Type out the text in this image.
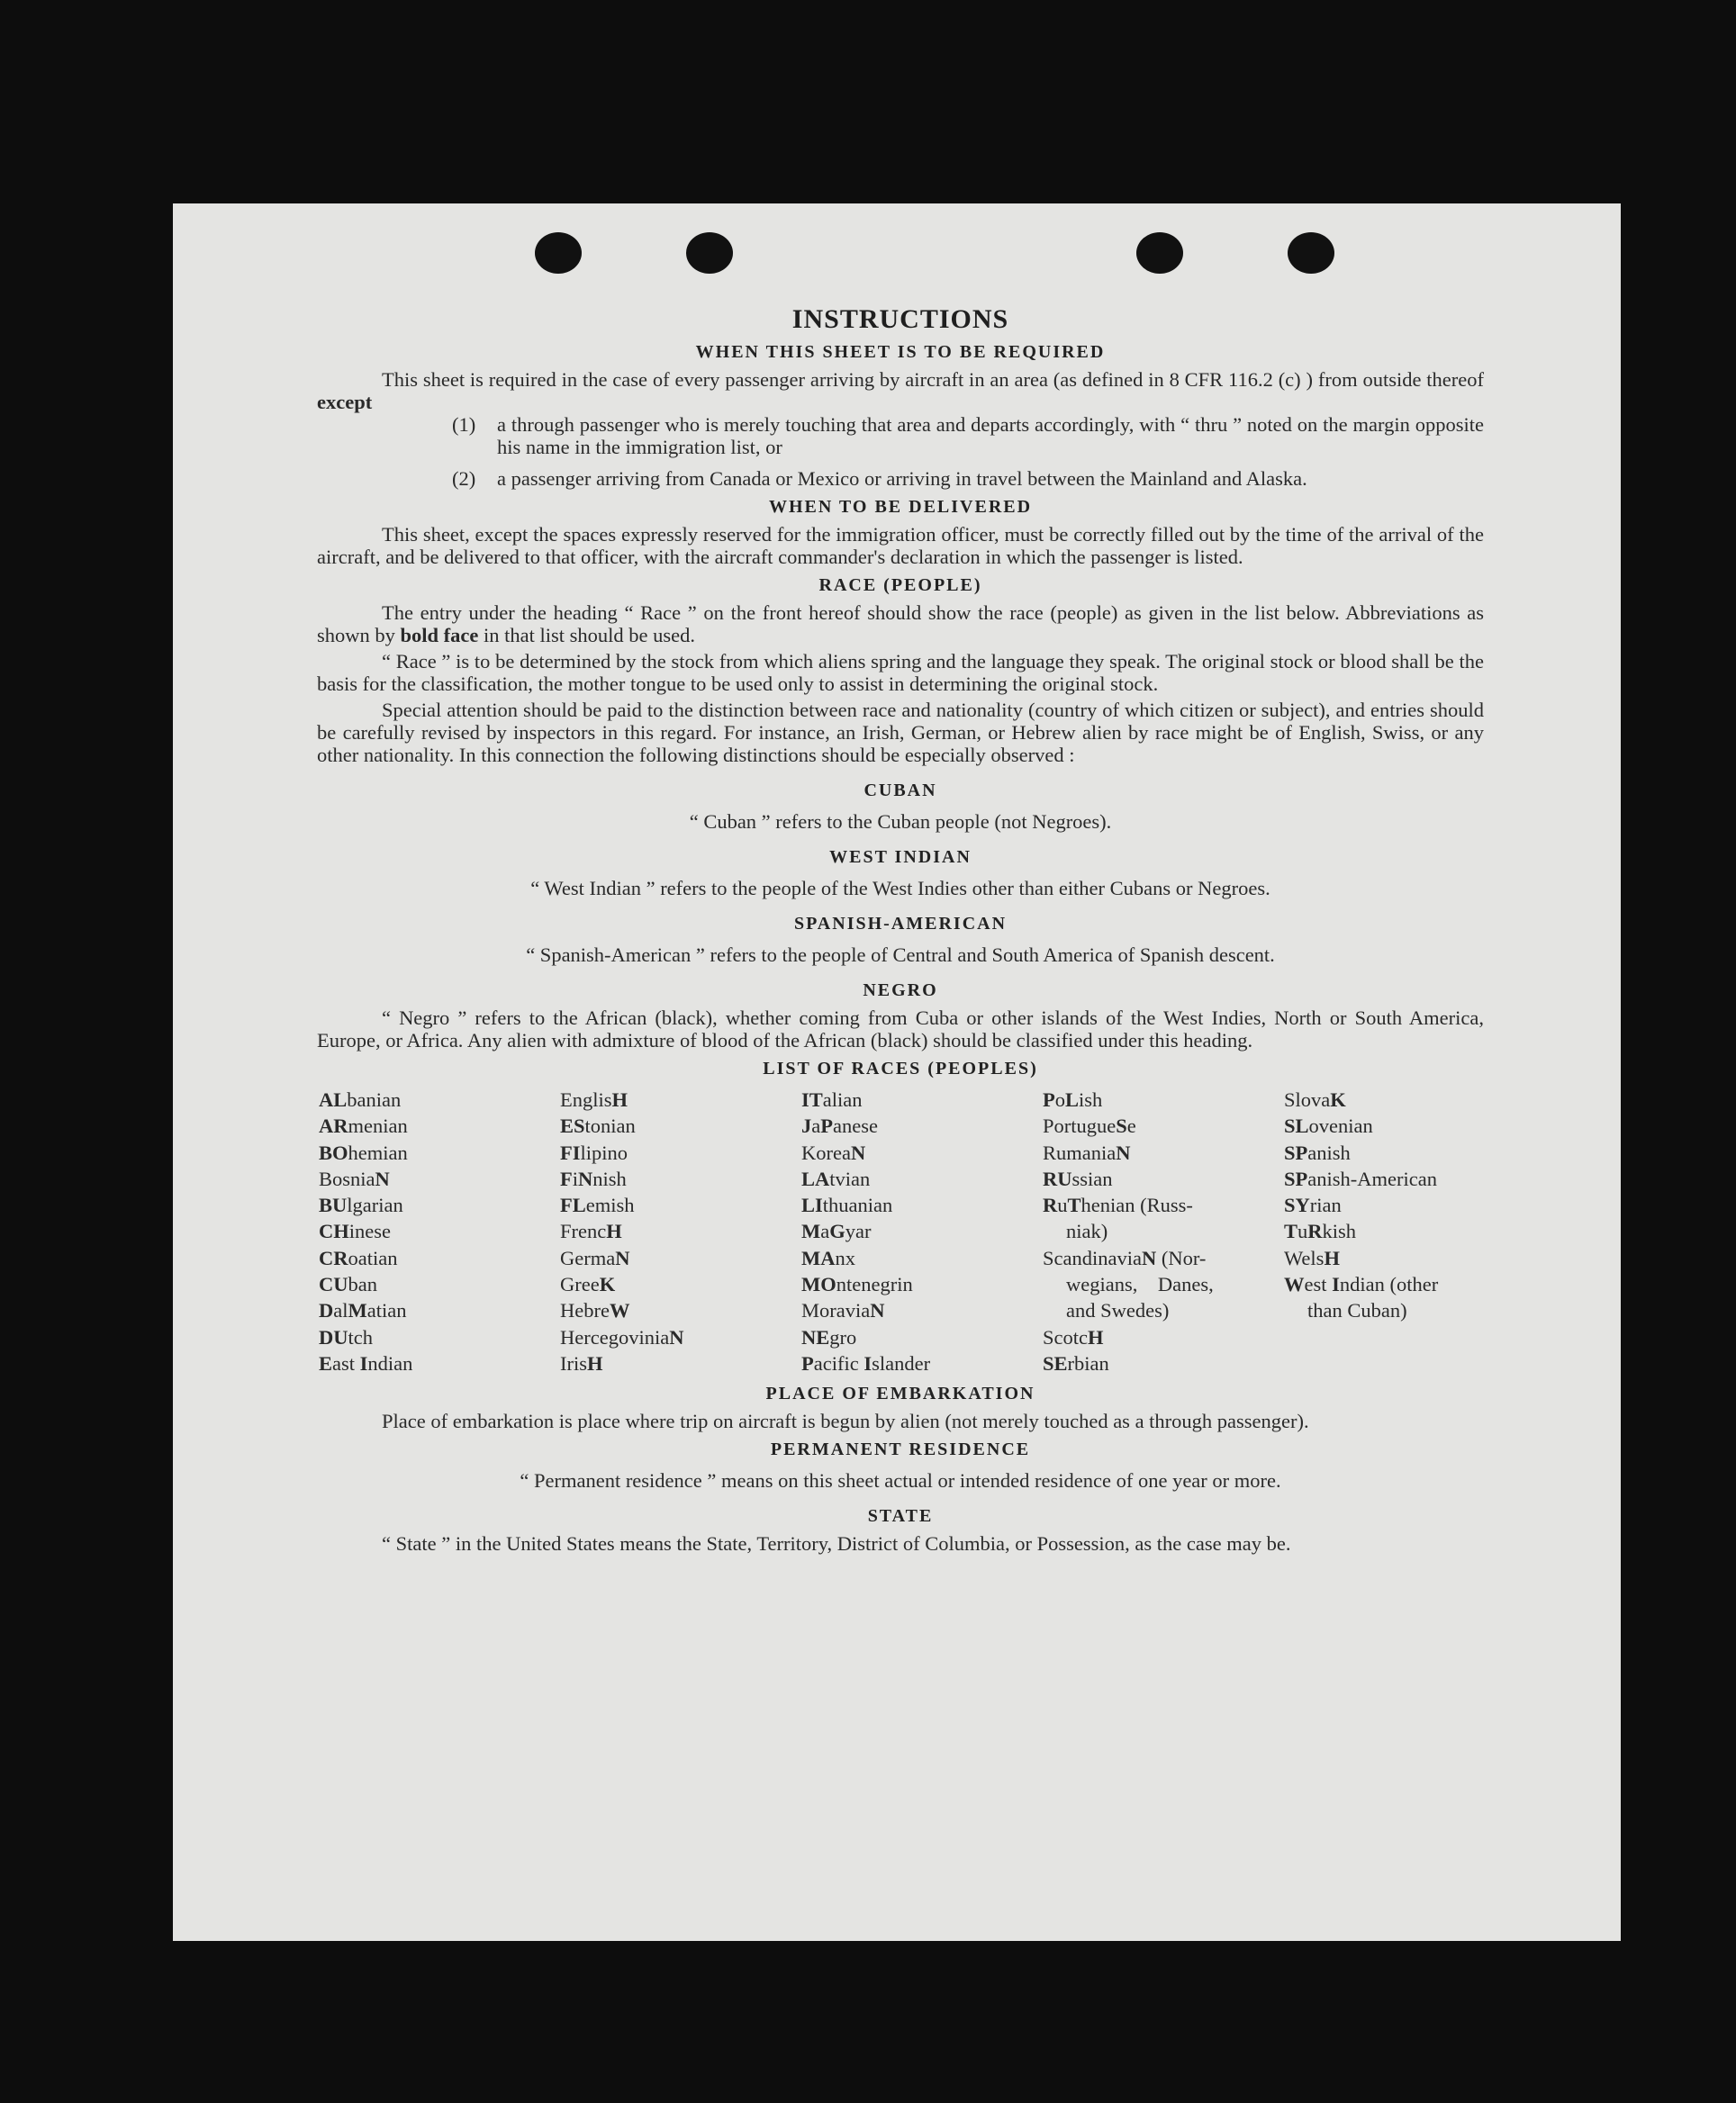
INSTRUCTIONS
WHEN THIS SHEET IS TO BE REQUIRED

This sheet is required in the case of every passenger arriving by aircraft in an area (as defined in 8 CFR 116.2 (c) ) from outside thereof except

(1)	a through passenger who is merely touching that area and departs accordingly, with “ thru ” noted on the margin opposite his name in the immigration list, or
(2)	a passenger arriving from Canada or Mexico or arriving in travel between the Mainland and Alaska.
WHEN TO BE DELIVERED

This sheet, except the spaces expressly reserved for the immigration officer, must be correctly filled out by the time of the arrival of the aircraft, and be delivered to that officer, with the aircraft commander's declaration in which the passenger is listed.

RACE (PEOPLE)

The entry under the heading “ Race ” on the front hereof should show the race (people) as given in the list below. Abbreviations as shown by bold face in that list should be used.

“ Race ” is to be determined by the stock from which aliens spring and the language they speak. The original stock or blood shall be the basis for the classification, the mother tongue to be used only to assist in determining the original stock.

Special attention should be paid to the distinction between race and nationality (country of which citizen or subject), and entries should be carefully revised by inspectors in this regard. For instance, an Irish, German, or Hebrew alien by race might be of English, Swiss, or any other nationality. In this connection the following distinctions should be especially observed :

CUBAN

“ Cuban ” refers to the Cuban people (not Negroes).

WEST INDIAN

“ West Indian ” refers to the people of the West Indies other than either Cubans or Negroes.

SPANISH-AMERICAN

“ Spanish-American ” refers to the people of Central and South America of Spanish descent.

NEGRO

“ Negro ” refers to the African (black), whether coming from Cuba or other islands of the West Indies, North or South America, Europe, or Africa. Any alien with admixture of blood of the African (black) should be classified under this heading.

LIST OF RACES (PEOPLES)
ALbanian
ARmenian
BOhemian
BosniaN
BUlgarian
CHinese
CRoatian
CUban
DalMatian
DUtch
East Indian
EnglisH
EStonian
FIlipino
FiNnish
FLemish
FrencH
GermaN
GreeK
HebreW
HercegoviniaN
IrisH
ITalian
JaPanese
KoreaN
LAtvian
LIthuanian
MaGyar
MAnx
MOntenegrin
MoraviaN
NEgro
Pacific Islander
PoLish
PortugueSe
RumaniaN
RUssian
RuThenian (Russ-
niak)
ScandinaviaN (Nor-
wegians,    Danes,
and Swedes)
ScotcH
SErbian
SlovaK
SLovenian
SPanish
SPanish-American
SYrian
TuRkish
WelsH
West Indian (other
than Cuban)
PLACE OF EMBARKATION

Place of embarkation is place where trip on aircraft is begun by alien (not merely touched as a through passenger).

PERMANENT RESIDENCE

“ Permanent residence ” means on this sheet actual or intended residence of one year or more.

STATE

“ State ” in the United States means the State, Territory, District of Columbia, or Possession, as the case may be.
